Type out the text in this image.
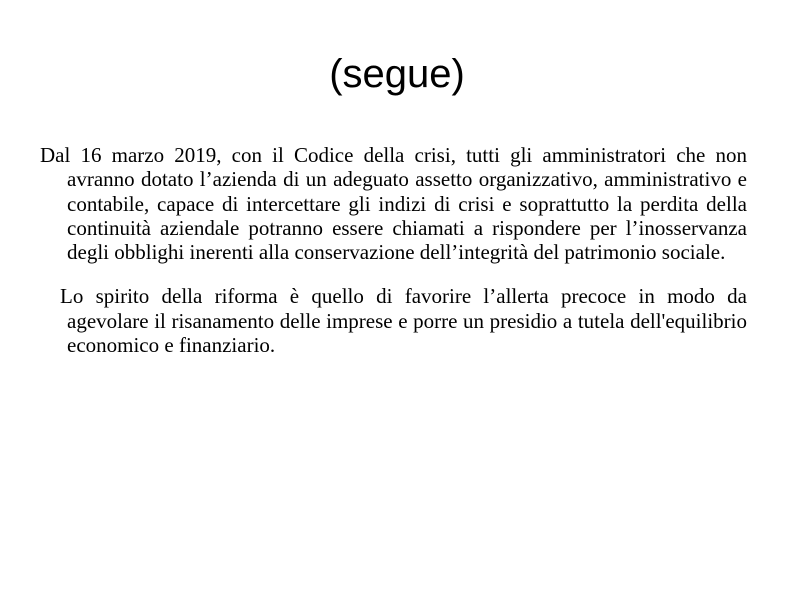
(segue)

Dal 16 marzo 2019, con il Codice della crisi, tutti gli amministratori che non avranno dotato l’azienda di un adeguato assetto organizzativo, amministrativo e contabile, capace di intercettare gli indizi di crisi e soprattutto la perdita della continuità aziendale potranno essere chiamati a rispondere per l’inosservanza degli obblighi inerenti alla conservazione dell’integrità del patrimonio sociale.

Lo spirito della riforma è quello di favorire l’allerta precoce in modo da agevolare il risanamento delle imprese e porre un presidio a tutela dell'equilibrio economico e finanziario.
